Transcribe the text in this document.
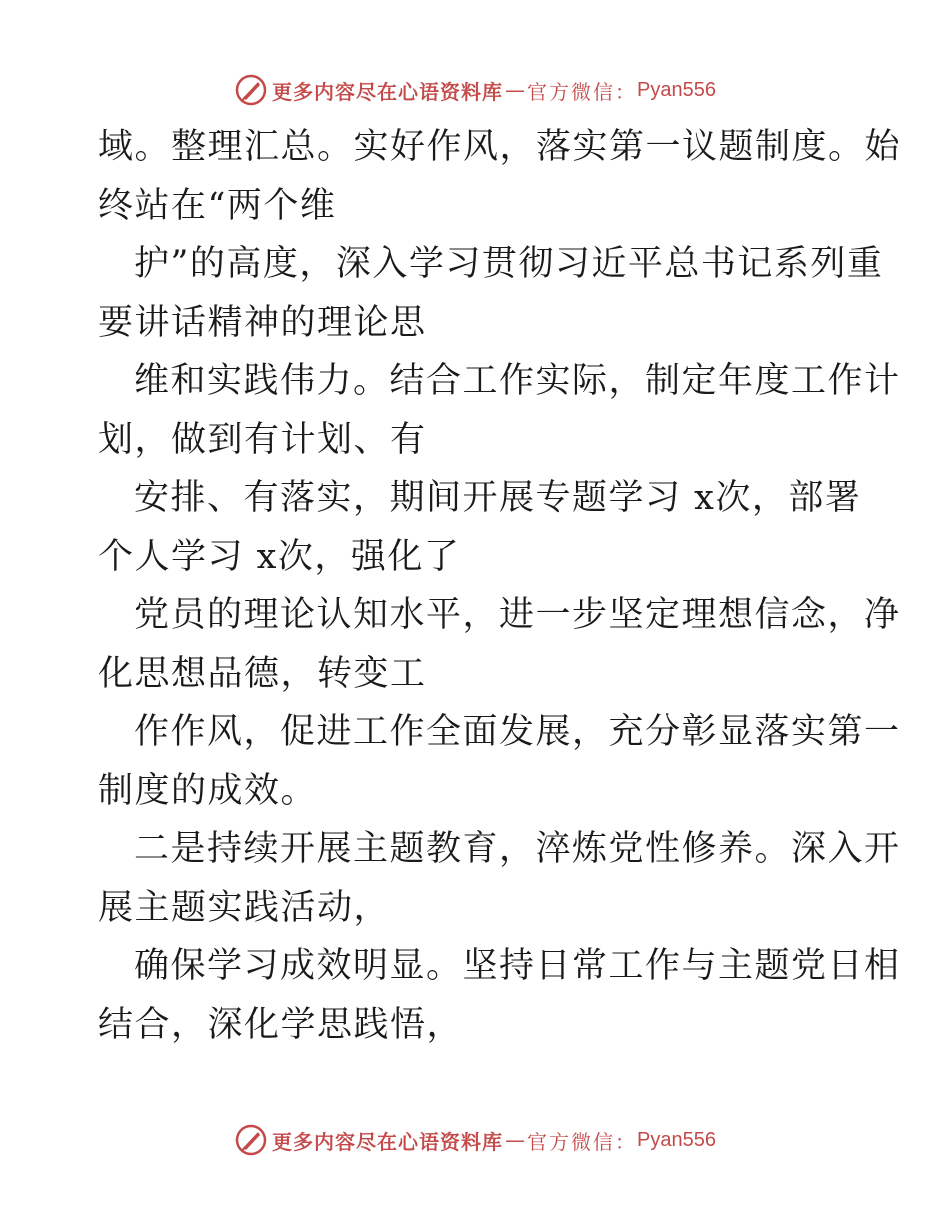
更多内容尽在心语资料库 — 官方微信： Pyan556
域。整理汇总。实好作风，落实第一议题制度。始
终站在“两个维
护”的高度，深入学习贯彻习近平总书记系列重
要讲话精神的理论思
维和实践伟力。结合工作实际，制定年度工作计
划，做到有计划、有
安排、有落实，期间开展专题学习 x次，部署
个人学习 x次，强化了
党员的理论认知水平，进一步坚定理想信念，净
化思想品德，转变工
作作风，促进工作全面发展，充分彰显落实第一
制度的成效。
二是持续开展主题教育，淬炼党性修养。深入开
展主题实践活动，
确保学习成效明显。坚持日常工作与主题党日相
结合，深化学思践悟，
更多内容尽在心语资料库 — 官方微信： Pyan556
